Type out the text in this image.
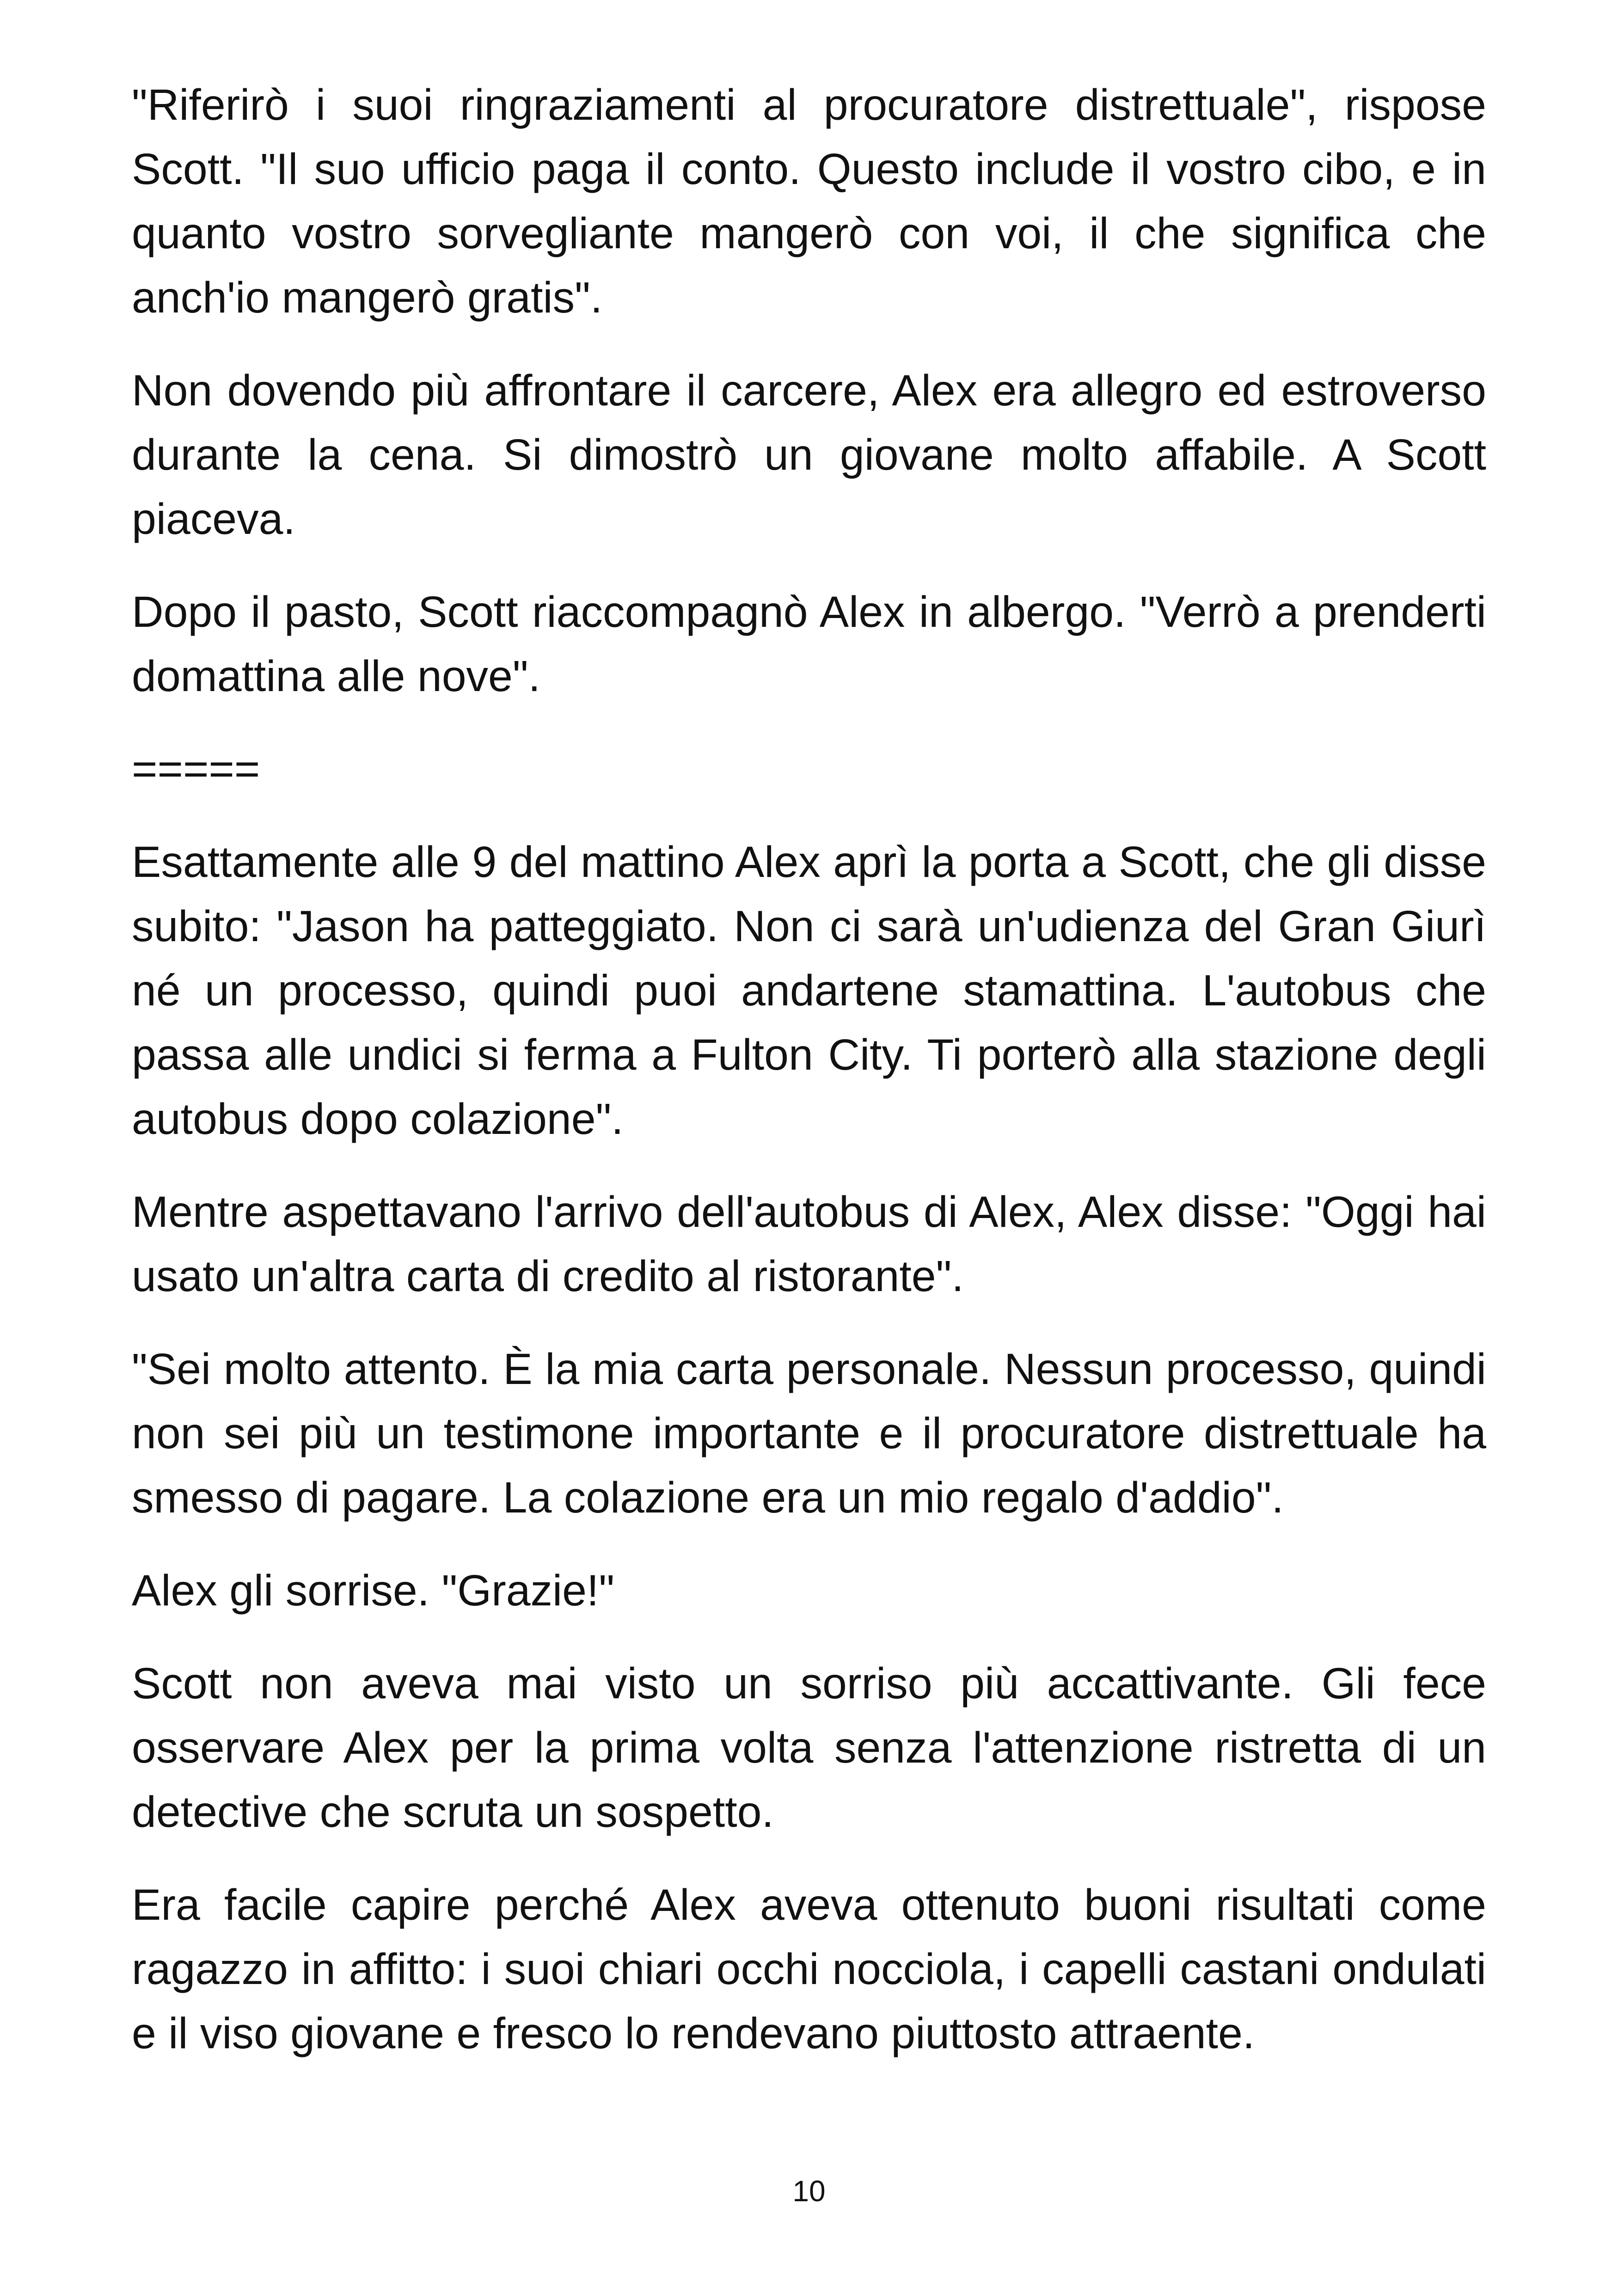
"Riferirò i suoi ringraziamenti al procuratore distrettuale", rispose Scott. "Il suo ufficio paga il conto. Questo include il vostro cibo, e in quanto vostro sorvegliante mangerò con voi, il che significa che anch'io mangerò gratis".

Non dovendo più affrontare il carcere, Alex era allegro ed estroverso durante la cena. Si dimostrò un giovane molto affabile. A Scott piaceva.

Dopo il pasto, Scott riaccompagnò Alex in albergo. "Verrò a prenderti domattina alle nove".

=====

Esattamente alle 9 del mattino Alex aprì la porta a Scott, che gli disse subito: "Jason ha patteggiato. Non ci sarà un'udienza del Gran Giurì né un processo, quindi puoi andartene stamattina. L'autobus che passa alle undici si ferma a Fulton City. Ti porterò alla stazione degli autobus dopo colazione".

Mentre aspettavano l'arrivo dell'autobus di Alex, Alex disse: "Oggi hai usato un'altra carta di credito al ristorante".

"Sei molto attento. È la mia carta personale. Nessun processo, quindi non sei più un testimone importante e il procuratore distrettuale ha smesso di pagare. La colazione era un mio regalo d'addio".

Alex gli sorrise. "Grazie!"

Scott non aveva mai visto un sorriso più accattivante. Gli fece osservare Alex per la prima volta senza l'attenzione ristretta di un detective che scruta un sospetto.

Era facile capire perché Alex aveva ottenuto buoni risultati come ragazzo in affitto: i suoi chiari occhi nocciola, i capelli castani ondulati e il viso giovane e fresco lo rendevano piuttosto attraente.

10
